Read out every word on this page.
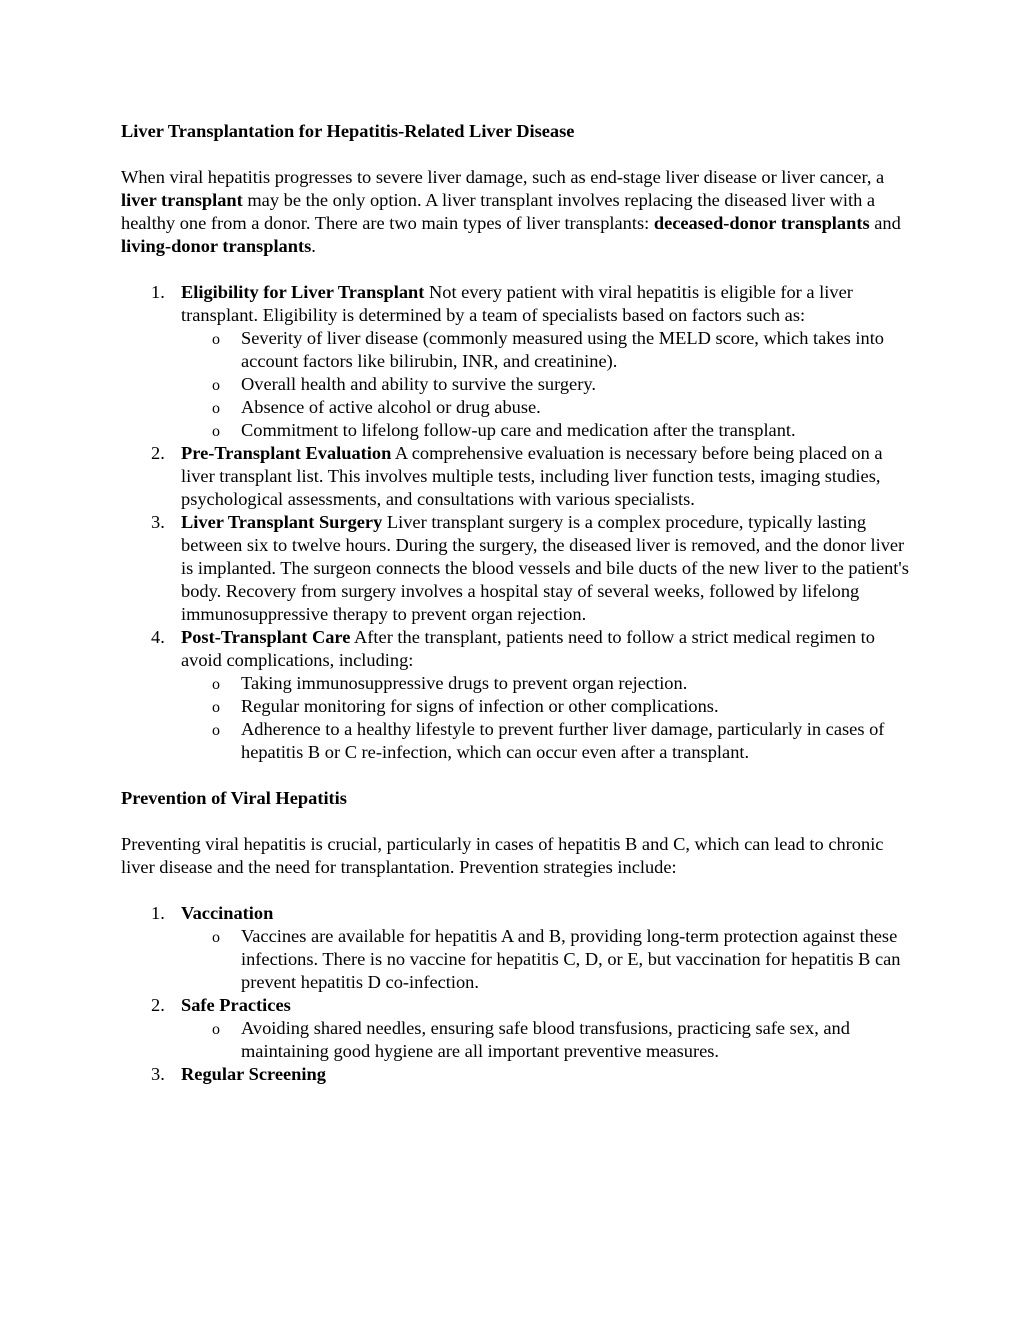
Liver Transplantation for Hepatitis-Related Liver Disease

When viral hepatitis progresses to severe liver damage, such as end-stage liver disease or liver cancer, a liver transplant may be the only option. A liver transplant involves replacing the diseased liver with a healthy one from a donor. There are two main types of liver transplants: deceased-donor transplants and living-donor transplants.

1. Eligibility for Liver Transplant Not every patient with viral hepatitis is eligible for a liver transplant. Eligibility is determined by a team of specialists based on factors such as:
o Severity of liver disease (commonly measured using the MELD score, which takes into account factors like bilirubin, INR, and creatinine).
o Overall health and ability to survive the surgery.
o Absence of active alcohol or drug abuse.
o Commitment to lifelong follow-up care and medication after the transplant.
2. Pre-Transplant Evaluation A comprehensive evaluation is necessary before being placed on a liver transplant list. This involves multiple tests, including liver function tests, imaging studies, psychological assessments, and consultations with various specialists.
3. Liver Transplant Surgery Liver transplant surgery is a complex procedure, typically lasting between six to twelve hours. During the surgery, the diseased liver is removed, and the donor liver is implanted. The surgeon connects the blood vessels and bile ducts of the new liver to the patient's body. Recovery from surgery involves a hospital stay of several weeks, followed by lifelong immunosuppressive therapy to prevent organ rejection.
4. Post-Transplant Care After the transplant, patients need to follow a strict medical regimen to avoid complications, including:
o Taking immunosuppressive drugs to prevent organ rejection.
o Regular monitoring for signs of infection or other complications.
o Adherence to a healthy lifestyle to prevent further liver damage, particularly in cases of hepatitis B or C re-infection, which can occur even after a transplant.

Prevention of Viral Hepatitis

Preventing viral hepatitis is crucial, particularly in cases of hepatitis B and C, which can lead to chronic liver disease and the need for transplantation. Prevention strategies include:

1. Vaccination
o Vaccines are available for hepatitis A and B, providing long-term protection against these infections. There is no vaccine for hepatitis C, D, or E, but vaccination for hepatitis B can prevent hepatitis D co-infection.
2. Safe Practices
o Avoiding shared needles, ensuring safe blood transfusions, practicing safe sex, and maintaining good hygiene are all important preventive measures.
3. Regular Screening
